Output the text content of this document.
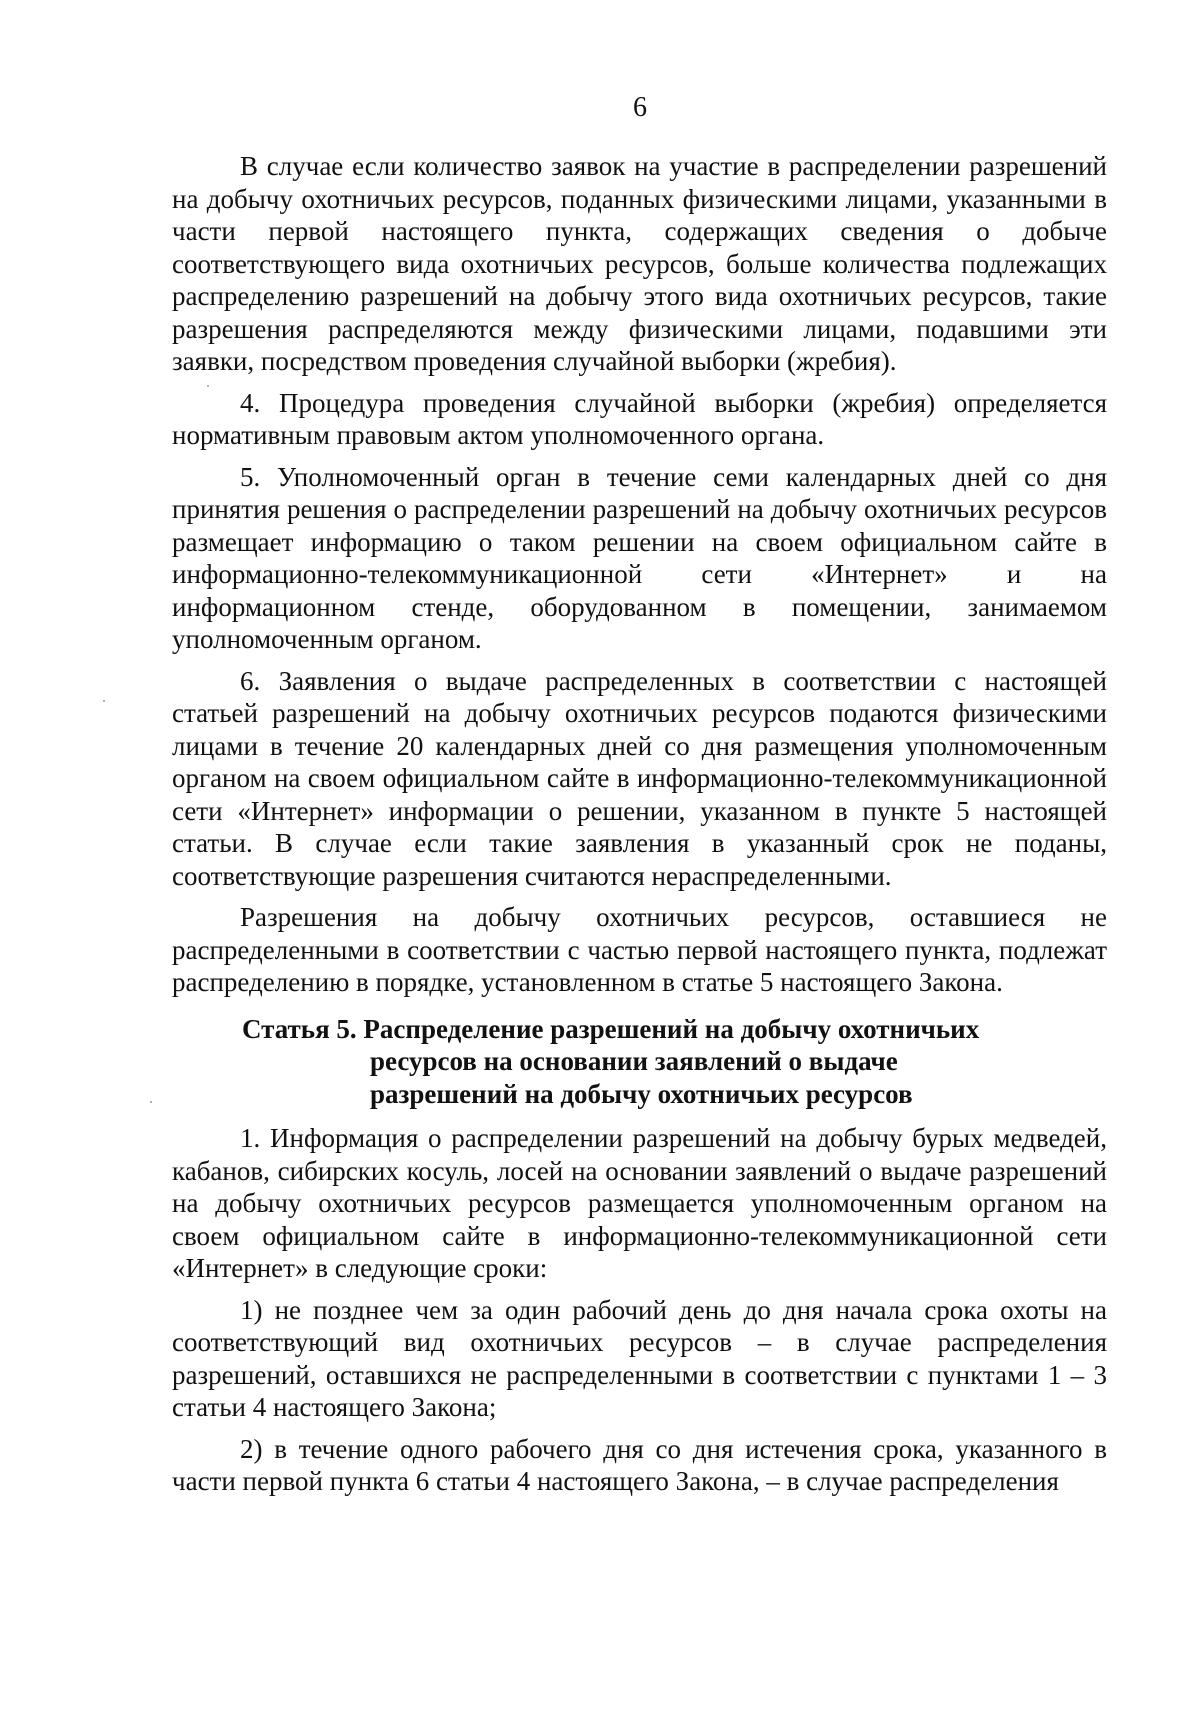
6

В случае если количество заявок на участие в распределении разрешений на добычу охотничьих ресурсов, поданных физическими лицами, указанными в части первой настоящего пункта, содержащих сведения о добыче соответствующего вида охотничьих ресурсов, больше количества подлежащих распределению разрешений на добычу этого вида охотничьих ресурсов, такие разрешения распределяются между физическими лицами, подавшими эти заявки, посредством проведения случайной выборки (жребия).

4. Процедура проведения случайной выборки (жребия) определяется нормативным правовым актом уполномоченного органа.

5. Уполномоченный орган в течение семи календарных дней со дня принятия решения о распределении разрешений на добычу охотничьих ресурсов размещает информацию о таком решении на своем официальном сайте в информационно-телекоммуникационной сети «Интернет» и на информационном стенде, оборудованном в помещении, занимаемом уполномоченным органом.

6. Заявления о выдаче распределенных в соответствии с настоящей статьей разрешений на добычу охотничьих ресурсов подаются физическими лицами в течение 20 календарных дней со дня размещения уполномоченным органом на своем официальном сайте в информационно-телекоммуникационной сети «Интернет» информации о решении, указанном в пункте 5 настоящей статьи. В случае если такие заявления в указанный срок не поданы, соответствующие разрешения считаются нераспределенными.

Разрешения на добычу охотничьих ресурсов, оставшиеся не распределенными в соответствии с частью первой настоящего пункта, подлежат распределению в порядке, установленном в статье 5 настоящего Закона.

Статья 5. Распределение разрешений на добычу охотничьих
ресурсов на основании заявлений о выдаче
разрешений на добычу охотничьих ресурсов

1. Информация о распределении разрешений на добычу бурых медведей, кабанов, сибирских косуль, лосей на основании заявлений о выдаче разрешений на добычу охотничьих ресурсов размещается уполномоченным органом на своем официальном сайте в информационно-телекоммуникационной сети «Интернет» в следующие сроки:

1) не позднее чем за один рабочий день до дня начала срока охоты на соответствующий вид охотничьих ресурсов – в случае распределения разрешений, оставшихся не распределенными в соответствии с пунктами 1 – 3 статьи 4 настоящего Закона;

2) в течение одного рабочего дня со дня истечения срока, указанного в части первой пункта 6 статьи 4 настоящего Закона, – в случае распределения
